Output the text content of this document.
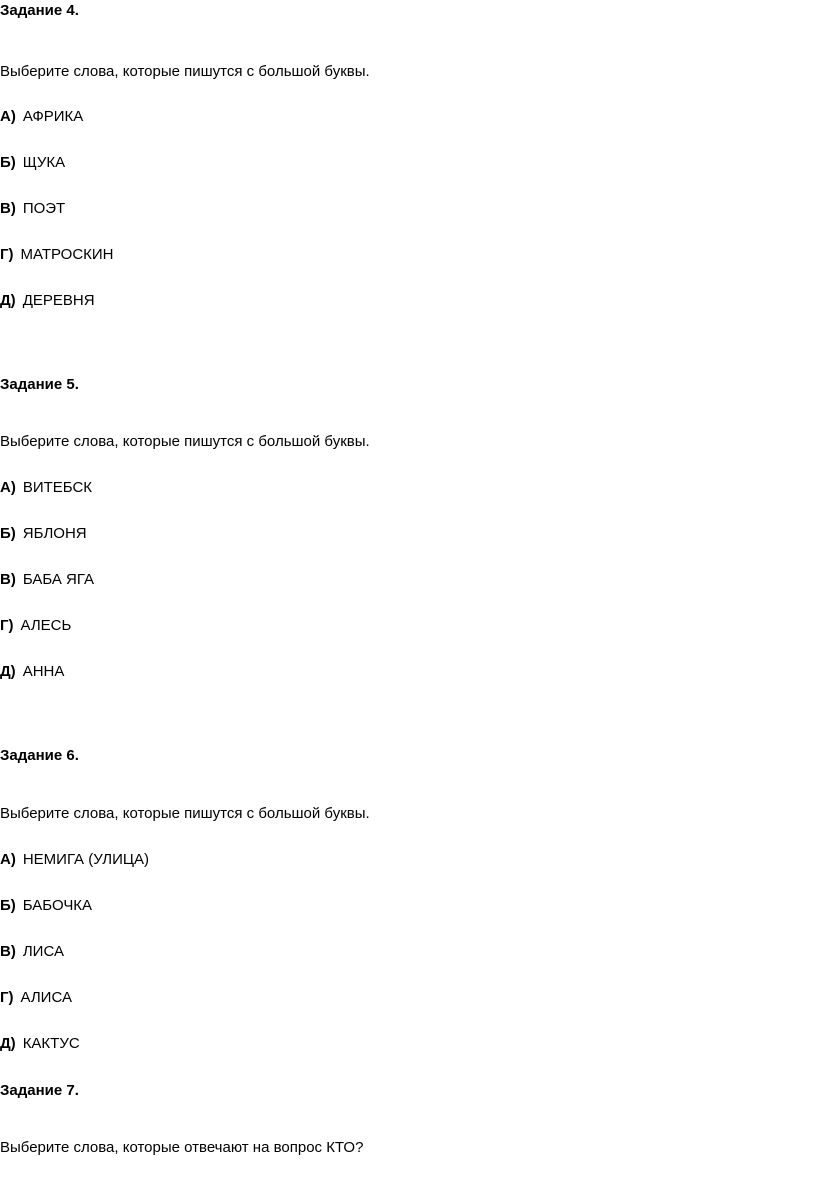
Задание 4.
Выберите слова, которые пишутся с большой буквы.
А) АФРИКА
Б) ЩУКА
В) ПОЭТ
Г) МАТРОСКИН
Д) ДЕРЕВНЯ
Задание 5.
Выберите слова, которые пишутся с большой буквы.
А) ВИТЕБСК
Б) ЯБЛОНЯ
В) БАБА ЯГА
Г) АЛЕСЬ
Д) АННА
Задание 6.
Выберите слова, которые пишутся с большой буквы.
А) НЕМИГА (УЛИЦА)
Б) БАБОЧКА
В) ЛИСА
Г) АЛИСА
Д) КАКТУС
Задание 7.
Выберите слова, которые отвечают на вопрос КТО?
